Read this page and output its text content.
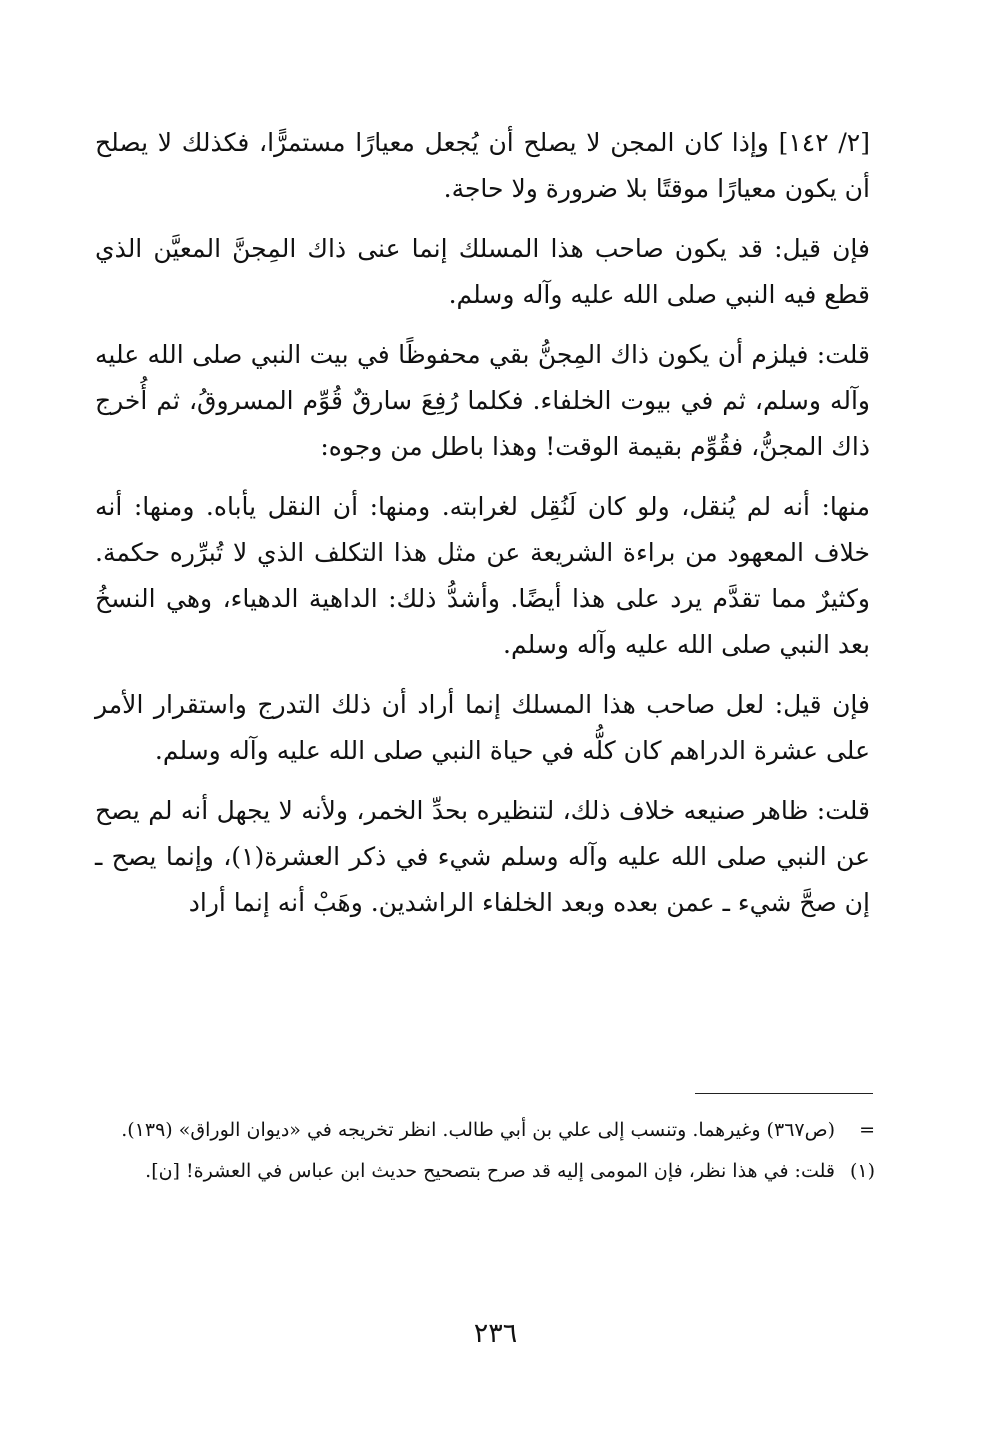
[٢/ ١٤٢] وإذا كان المجن لا يصلح أن يُجعل معيارًا مستمرًّا، فكذلك لا يصلح أن يكون معيارًا موقتًا بلا ضرورة ولا حاجة.

فإن قيل: قد يكون صاحب هذا المسلك إنما عنى ذاك المِجنَّ المعيَّن الذي قطع فيه النبي صلى الله عليه وآله وسلم.

قلت: فيلزم أن يكون ذاك المِجنُّ بقي محفوظًا في بيت النبي صلى الله عليه وآله وسلم، ثم في بيوت الخلفاء. فكلما رُفِعَ سارقٌ قُوِّم المسروقُ، ثم أُخرج ذاك المجنُّ، فقُوِّم بقيمة الوقت! وهذا باطل من وجوه:

منها: أنه لم يُنقل، ولو كان لَنُقِل لغرابته. ومنها: أن النقل يأباه. ومنها: أنه خلاف المعهود من براءة الشريعة عن مثل هذا التكلف الذي لا تُبرِّره حكمة. وكثيرٌ مما تقدَّم يرد على هذا أيضًا. وأشدُّ ذلك: الداهية الدهياء، وهي النسخُ بعد النبي صلى الله عليه وآله وسلم.

فإن قيل: لعل صاحب هذا المسلك إنما أراد أن ذلك التدرج واستقرار الأمر على عشرة الدراهم كان كلُّه في حياة النبي صلى الله عليه وآله وسلم.

قلت: ظاهر صنيعه خلاف ذلك، لتنظيره بحدِّ الخمر، ولأنه لا يجهل أنه لم يصح عن النبي صلى الله عليه وآله وسلم شيء في ذكر العشرة(١)، وإنما يصح ـ إن صحَّ شيء ـ عمن بعده وبعد الخلفاء الراشدين. وهَبْ أنه إنما أراد

=
(ص٣٦٧) وغيرهما. وتنسب إلى علي بن أبي طالب. انظر تخريجه في «ديوان الوراق» (١٣٩).
(١)
قلت: في هذا نظر، فإن المومى إليه قد صرح بتصحيح حديث ابن عباس في العشرة! [ن].
٢٣٦
